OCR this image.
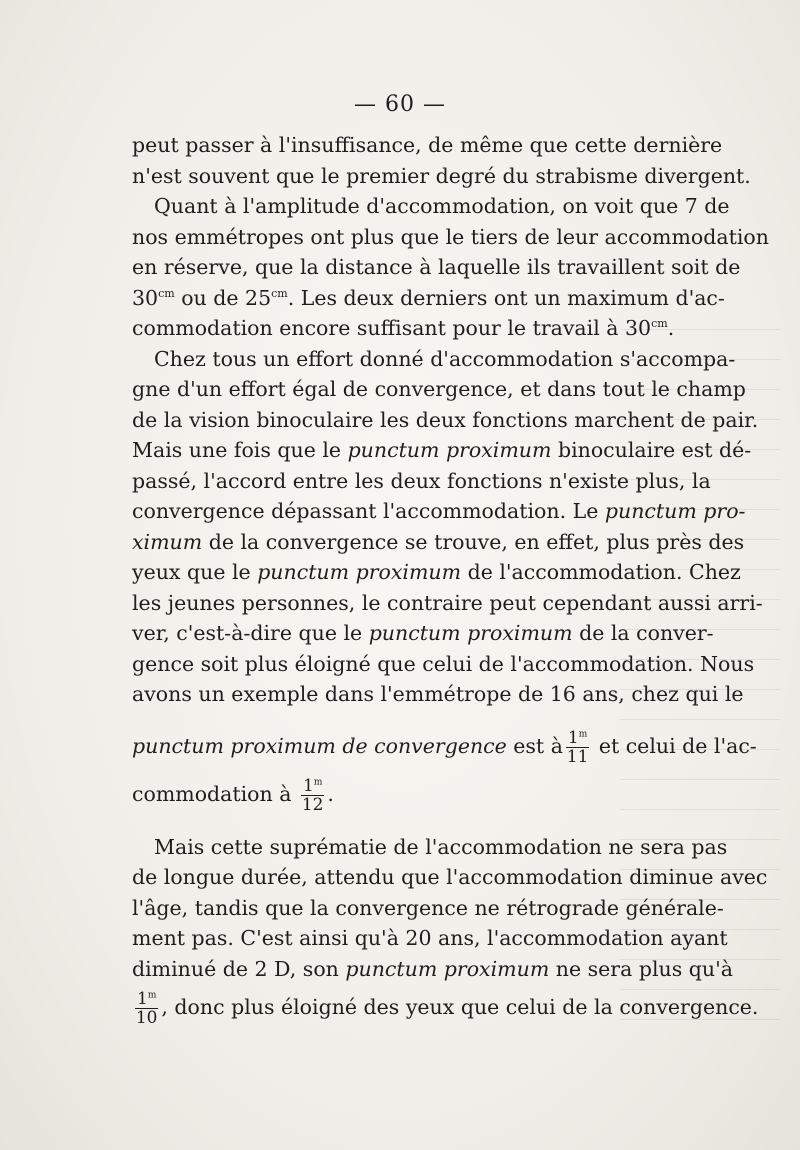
— 60 —
peut passer à l'insuffisance, de même que cette dernière
n'est souvent que le premier degré du strabisme divergent.
Quant à l'amplitude d'accommodation, on voit que 7 de
nos emmétropes ont plus que le tiers de leur accommodation
en réserve, que la distance à laquelle ils travaillent soit de
$30^{cm}$ ou de $25^{cm}$. Les deux derniers ont un maximum d'ac-
commodation encore suffisant pour le travail à $30^{cm}$.
Chez tous un effort donné d'accommodation s'accompa-
gne d'un effort égal de convergence, et dans tout le champ
de la vision binoculaire les deux fonctions marchent de pair.
Mais une fois que le punctum proximum binoculaire est dé-
passé, l'accord entre les deux fonctions n'existe plus, la
convergence dépassant l'accommodation. Le punctum pro-
ximum de la convergence se trouve, en effet, plus près des
yeux que le punctum proximum de l'accommodation. Chez
les jeunes personnes, le contraire peut cependant aussi arri-
ver, c'est-à-dire que le punctum proximum de la conver-
gence soit plus éloigné que celui de l'accommodation. Nous
avons un exemple dans l'emmétrope de 16 ans, chez qui le
punctum proximum de convergence est à $\frac{1^m}{11}$ et celui de l'ac-
commodation à $\frac{1^m}{12}$ .
Mais cette suprématie de l'accommodation ne sera pas
de longue durée, attendu que l'accommodation diminue avec
l'âge, tandis que la convergence ne rétrograde générale-
ment pas. C'est ainsi qu'à 20 ans, l'accommodation ayant
diminué de 2 D, son punctum proximum ne sera plus qu'à
$\frac{1^m}{10}$ , donc plus éloigné des yeux que celui de la convergence.
